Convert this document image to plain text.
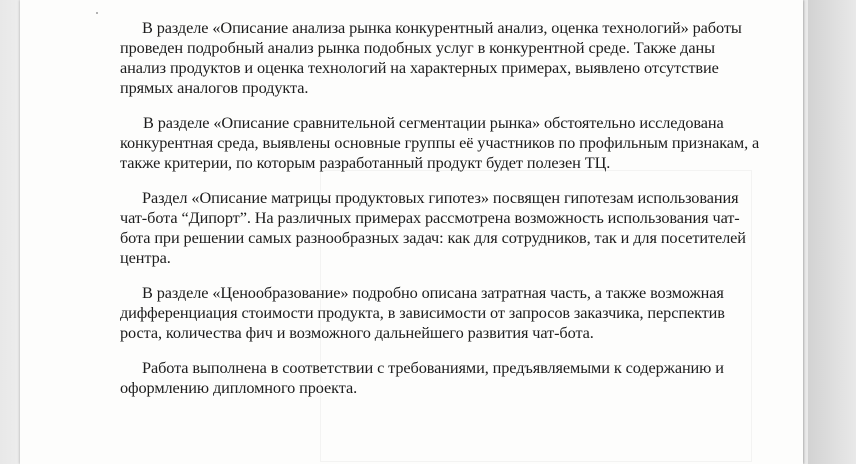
В разделе «Описание анализа рынка конкурентный анализ, оценка технологий» работы проведен подробный анализ рынка подобных услуг в конкурентной среде. Также даны анализ продуктов и оценка технологий на характерных примерах, выявлено отсутствие прямых аналогов продукта.

В разделе «Описание сравнительной сегментации рынка» обстоятельно исследована конкурентная среда, выявлены основные группы её участников по профильным признакам, а также критерии, по которым разработанный продукт будет полезен ТЦ.

Раздел «Описание матрицы продуктовых гипотез» посвящен гипотезам использования чат-бота “Дипорт”. На различных примерах рассмотрена возможность использования чат-бота при решении самых разнообразных задач: как для сотрудников, так и для посетителей центра.

В разделе «Ценообразование» подробно описана затратная часть, а также возможная дифференциация стоимости продукта, в зависимости от запросов заказчика, перспектив роста, количества фич и возможного дальнейшего развития чат-бота.

Работа выполнена в соответствии с требованиями, предъявляемыми к содержанию и оформлению дипломного проекта.
